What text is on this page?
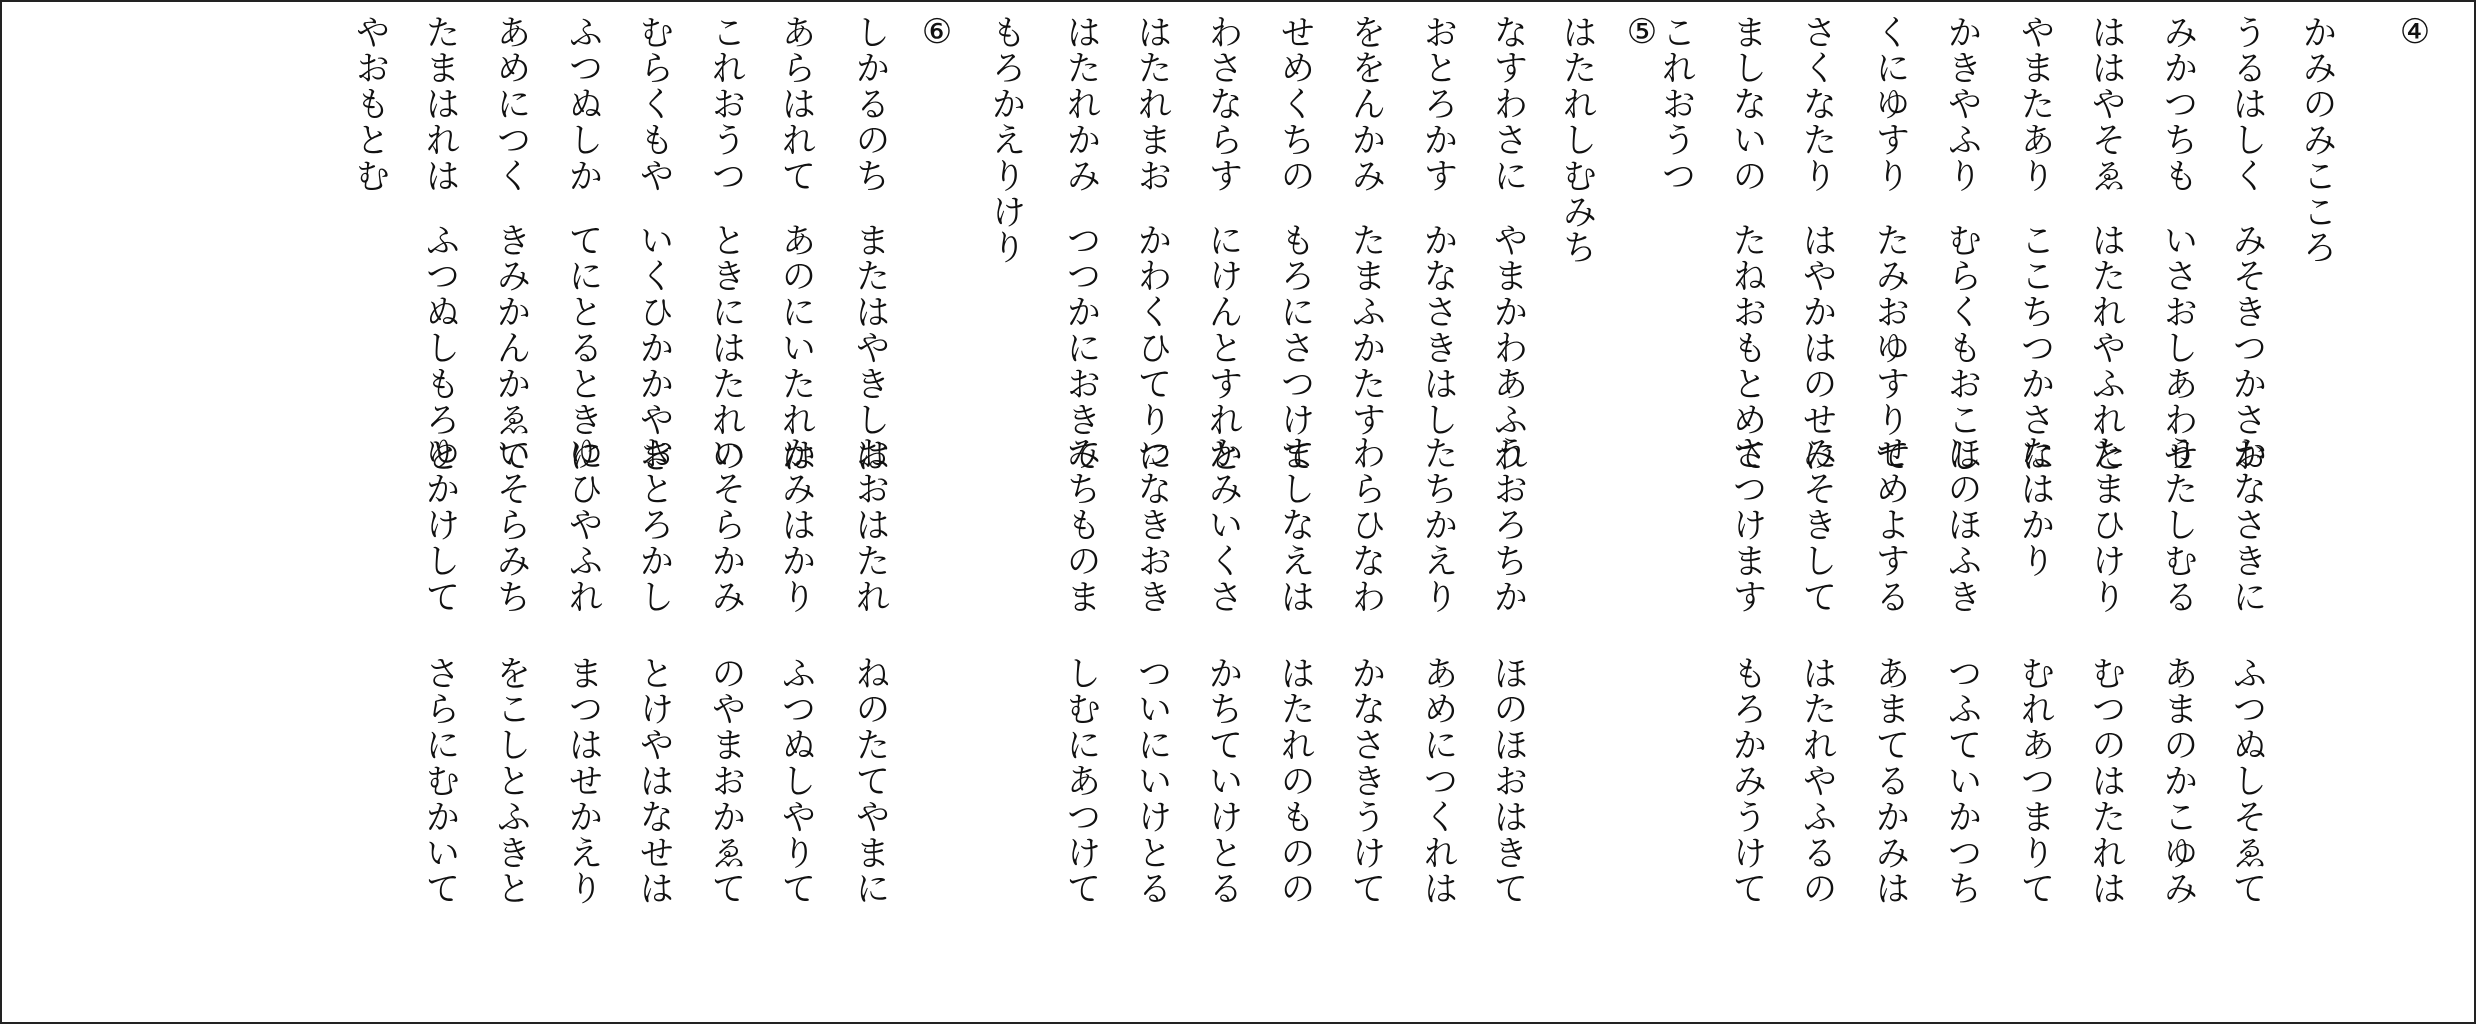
④
かみのみこころ
うるはしく
みそきつかさお
かなさきに
ふつぬしそゑて
みかつちも
いさおしあわせ
うたしむる
あまのかこゆみ
ははやそゑ
はたれやふれと
たまひけり
むつのはたれは
やまたあり
ここちつかさに
なはかり
むれあつまりて
かきやふり
むらくもおこし
ほのほふき
つふていかつち
くにゆすり
たみおゆすりて
せめよする
あまてるかみは
さくなたり
はやかはのせに
みそきして
はたれやふるの
ましないの
たねおもとめて
さつけます
もろかみうけて
これおうつ
⑤
はたれしむみち
なすわさに
やまかわあふれ
うおろちか
ほのほおはきて
おとろかす
かなさきはし
たちかえり
あめにつくれは
ををんかみ
たまふかたす
わらひなわ
かなさきうけて
せめくちの
もろにさつけて
ましなえは
はたれのものの
わさならす
にけんとすれと
かみいくさ
かちていけとる
はたれまお
かわくひてりに
つなきおき
ついにいけとる
はたれかみ
つつかにおきて
みちものま
しむにあつけて
もろかえりけり
⑥
しかるのち
またはやきしは
おおはたれ
ねのたてやまに
あらはれて
あのにいたれは
かみはかり
ふつぬしやりて
これおうつ
ときにはたれの
いそらかみ
のやまおかゑて
むらくもや
いくひかかやき
おとろかし
とけやはなせは
ふつぬしか
てにとるときに
ゆひやふれ
まつはせかえり
あめにつく
きみかんかゑて
いそらみち
をこしとふきと
たまはれは
ふつぬしもろと
ゆかけして
さらにむかいて
やおもとむ
